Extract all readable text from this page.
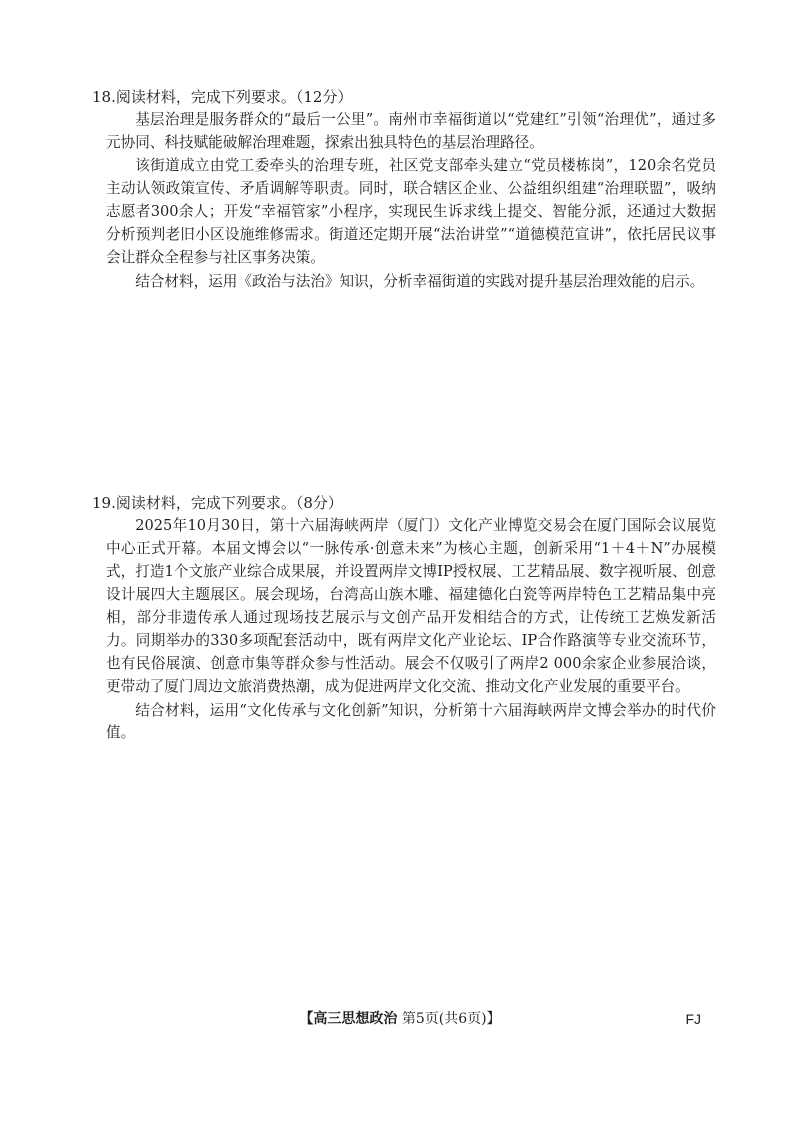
18.阅读材料，完成下列要求。（12分）

基层治理是服务群众的“最后一公里”。南州市幸福街道以“党建红”引领“治理优”，通过多元协同、科技赋能破解治理难题，探索出独具特色的基层治理路径。

该街道成立由党工委牵头的治理专班，社区党支部牵头建立“党员楼栋岗”，120余名党员主动认领政策宣传、矛盾调解等职责。同时，联合辖区企业、公益组织组建“治理联盟”，吸纳志愿者300余人；开发“幸福管家”小程序，实现民生诉求线上提交、智能分派，还通过大数据分析预判老旧小区设施维修需求。街道还定期开展“法治讲堂”“道德模范宣讲”，依托居民议事会让群众全程参与社区事务决策。

结合材料，运用《政治与法治》知识，分析幸福街道的实践对提升基层治理效能的启示。

19.阅读材料，完成下列要求。（8分）

2025年10月30日，第十六届海峡两岸（厦门）文化产业博览交易会在厦门国际会议展览中心正式开幕。本届文博会以“一脉传承·创意未来”为核心主题，创新采用“1＋4＋N”办展模式，打造1个文旅产业综合成果展，并设置两岸文博IP授权展、工艺精品展、数字视听展、创意设计展四大主题展区。展会现场，台湾高山族木雕、福建德化白瓷等两岸特色工艺精品集中亮相，部分非遗传承人通过现场技艺展示与文创产品开发相结合的方式，让传统工艺焕发新活力。同期举办的330多项配套活动中，既有两岸文化产业论坛、IP合作路演等专业交流环节，也有民俗展演、创意市集等群众参与性活动。展会不仅吸引了两岸2 000余家企业参展洽谈，更带动了厦门周边文旅消费热潮，成为促进两岸文化交流、推动文化产业发展的重要平台。

结合材料，运用“文化传承与文化创新”知识，分析第十六届海峡两岸文博会举办的时代价值。

【高三思想政治 第5页(共6页)】	FJ
